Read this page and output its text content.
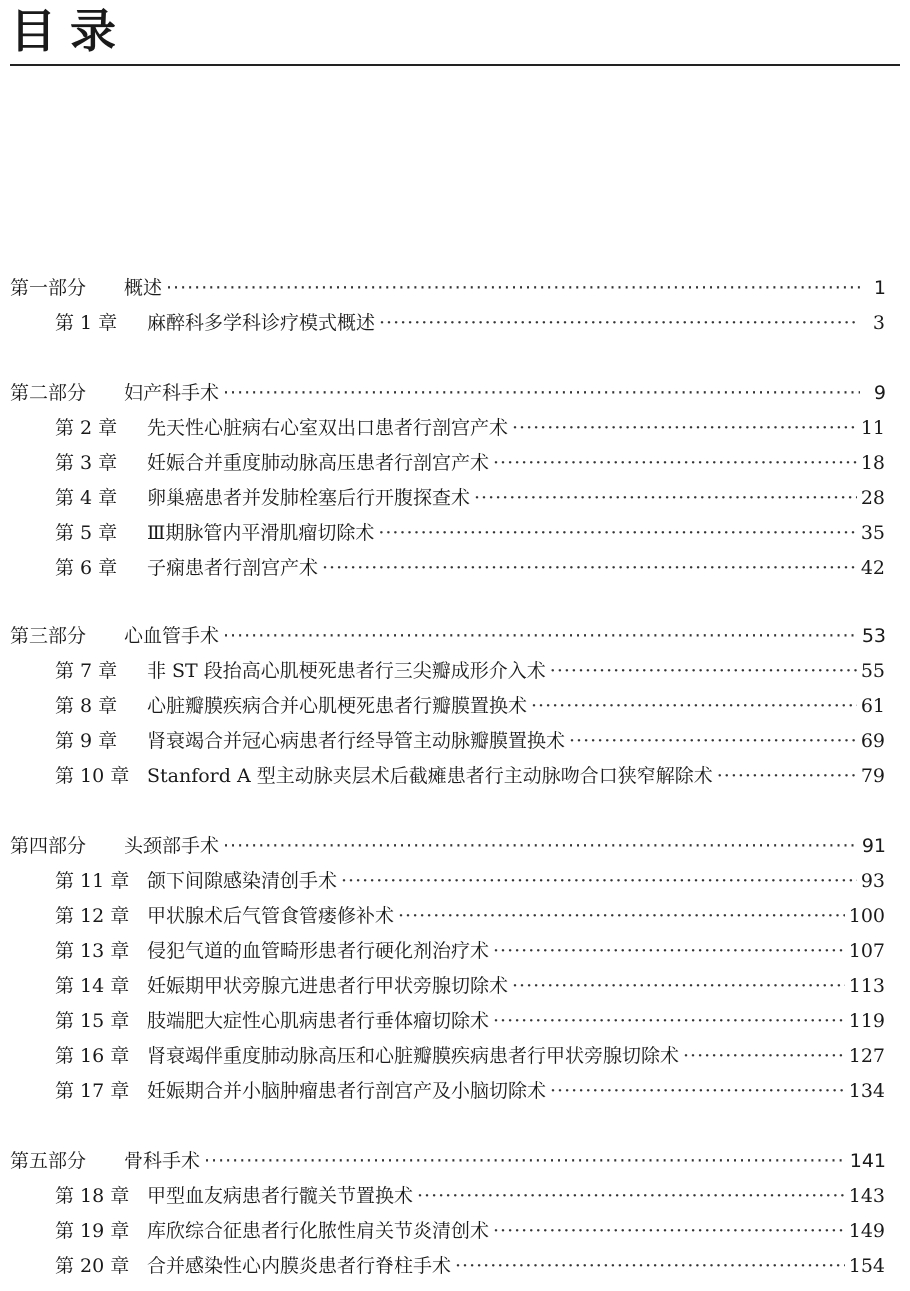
目录
第一部分	概述 ·····	1
第 1 章	麻醉科多学科诊疗模式概述 ·····	3
第二部分	妇产科手术 ·····	9
第 2 章	先天性心脏病右心室双出口患者行剖宫产术 ·····	11
第 3 章	妊娠合并重度肺动脉高压患者行剖宫产术 ·····	18
第 4 章	卵巢癌患者并发肺栓塞后行开腹探查术 ·····	28
第 5 章	Ⅲ期脉管内平滑肌瘤切除术 ·····	35
第 6 章	子痫患者行剖宫产术 ·····	42
第三部分	心血管手术 ·····	53
第 7 章	非 ST 段抬高心肌梗死患者行三尖瓣成形介入术 ·····	55
第 8 章	心脏瓣膜疾病合并心肌梗死患者行瓣膜置换术 ·····	61
第 9 章	肾衰竭合并冠心病患者行经导管主动脉瓣膜置换术 ·····	69
第 10 章 Stanford A 型主动脉夹层术后截瘫患者行主动脉吻合口狭窄解除术 ·····	79
第四部分	头颈部手术 ·····	91
第 11 章 颌下间隙感染清创手术 ·····	93
第 12 章 甲状腺术后气管食管瘘修补术 ·····	100
第 13 章 侵犯气道的血管畸形患者行硬化剂治疗术 ·····	107
第 14 章 妊娠期甲状旁腺亢进患者行甲状旁腺切除术 ·····	113
第 15 章 肢端肥大症性心肌病患者行垂体瘤切除术 ·····	119
第 16 章 肾衰竭伴重度肺动脉高压和心脏瓣膜疾病患者行甲状旁腺切除术 ·····	127
第 17 章 妊娠期合并小脑肿瘤患者行剖宫产及小脑切除术 ·····	134
第五部分	骨科手术 ·····	141
第 18 章 甲型血友病患者行髋关节置换术 ·····	143
第 19 章 库欣综合征患者行化脓性肩关节炎清创术 ·····	149
第 20 章 合并感染性心内膜炎患者行脊柱手术 ·····	154
